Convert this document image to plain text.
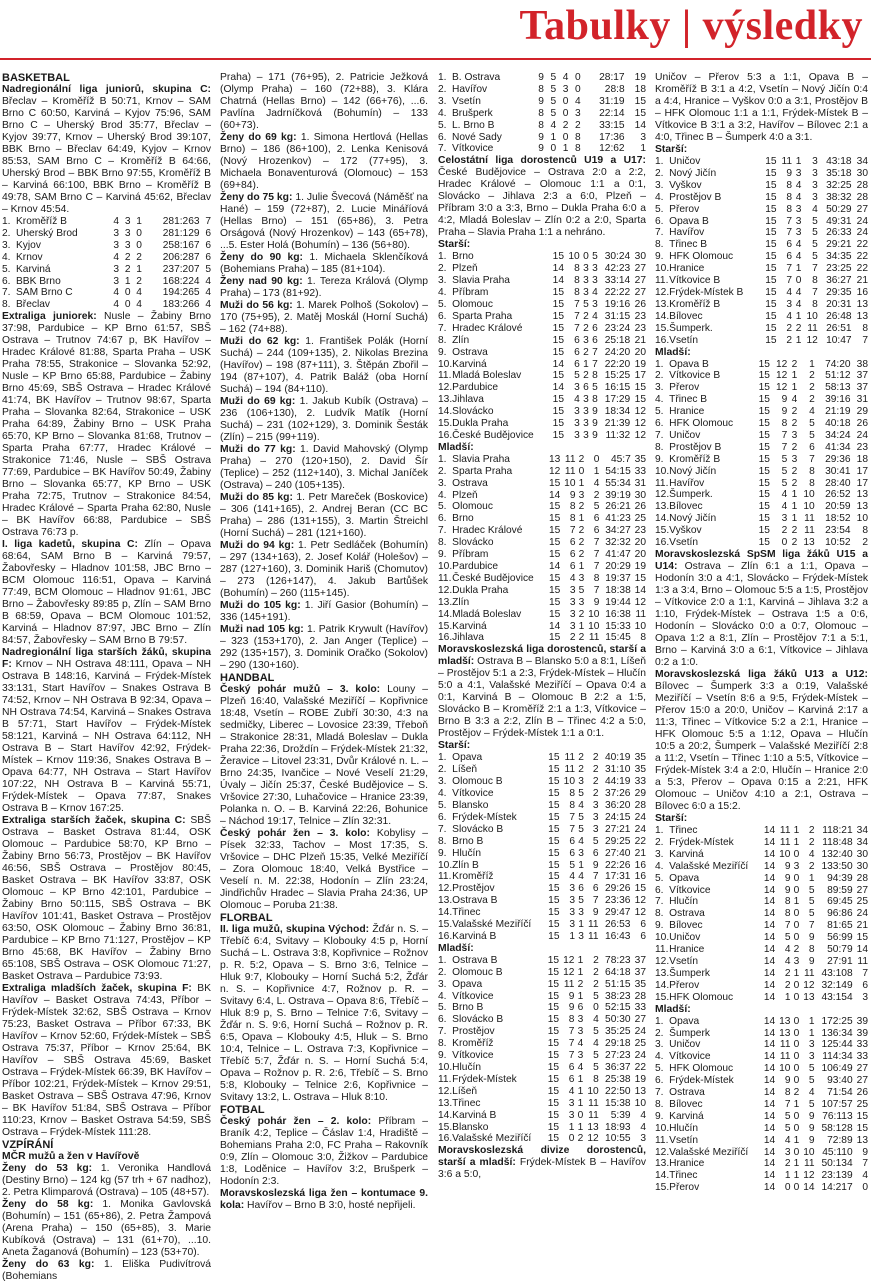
Tabulky | výsledky

BASKETBAL

Nadregionální liga juniorů, skupina C: Břeclav – Kroměříž B 50:71, Krnov – SAM Brno C 60:50, Karviná – Kyjov 75:96, SAM Brno C – Uherský Brod 35:77, Břeclav – Kyjov 39:77, Krnov – Uherský Brod 39:107, BBK Brno – Břeclav 64:49, Kyjov – Krnov 85:53, SAM Brno C – Kroměříž B 64:66, Uherský Brod – BBK Brno 97:55, Kroměříž B – Karviná 66:100, BBK Brno – Kroměříž B 49:78, SAM Brno C – Karviná 45:62, Břeclav – Krnov 45:54.

1.	Kroměříž B	4	3	1	281:263	7
2.	Uherský Brod	3	3	0	281:129	6
3.	Kyjov	3	3	0	258:167	6
4.	Krnov	4	2	2	206:287	6
5.	Karviná	3	2	1	237:207	5
6.	BBK Brno	3	1	2	168:224	4
7.	SAM Brno C	4	0	4	194:265	4
8.	Břeclav	4	0	4	183:266	4

Extraliga juniorek: Nusle – Žabiny Brno 37:98, Pardubice – KP Brno 61:57, SBŠ Ostrava – Trutnov 74:67 p, BK Havířov – Hradec Králové 81:88, Sparta Praha – USK Praha 78:55, Strakonice – Slovanka 52:92, Nusle – KP Brno 65:88, Pardubice – Žabiny Brno 45:69, SBŠ Ostrava – Hradec Králové 41:74, BK Havířov – Trutnov 98:67, Sparta Praha – Slovanka 82:64, Strakonice – USK Praha 64:89, Žabiny Brno – USK Praha 65:70, KP Brno – Slovanka 81:68, Trutnov – Sparta Praha 67:77, Hradec Králové – Strakonice 71:46, Nusle – SBŠ Ostrava 77:69, Pardubice – BK Havířov 50:49, Žabiny Brno – Slovanka 65:77, KP Brno – USK Praha 72:75, Trutnov – Strakonice 84:54, Hradec Králové – Sparta Praha 62:80, Nusle – BK Havířov 66:88, Pardubice – SBŠ Ostrava 76:73 p.

I. liga kadetů, skupina C: Zlín – Opava 68:64, SAM Brno B – Karviná 79:57, Žabovřesky – Hladnov 101:58, JBC Brno – BCM Olomouc 116:51, Opava – Karviná 77:49, BCM Olomouc – Hladnov 91:61, JBC Brno – Žabovřesky 89:85 p, Zlín – SAM Brno B 68:59, Opava – BCM Olomouc 101:52, Karviná – Hladnov 87:97, JBC Brno – Zlín 84:57, Žabovřesky – SAM Brno B 79:57.

Nadregionální liga starších žáků, skupina F: Krnov – NH Ostrava 48:111, Opava – NH Ostrava B 148:16, Karviná – Frýdek-Místek 33:131, Start Havířov – Snakes Ostrava B 74:52, Krnov – NH Ostrava B 92:34, Opava – NH Ostrava 74:54, Karviná – Snakes Ostrava B 57:71, Start Havířov – Frýdek-Místek 58:121, Karviná – NH Ostrava 64:112, NH Ostrava B – Start Havířov 42:92, Frýdek-Místek – Krnov 119:36, Snakes Ostrava B – Opava 64:77, NH Ostrava – Start Havířov 107:22, NH Ostrava B – Karviná 55:71, Frýdek-Místek – Opava 77:87, Snakes Ostrava B – Krnov 167:25.

Extraliga starších žaček, skupina C: SBŠ Ostrava – Basket Ostrava 81:44, OSK Olomouc – Pardubice 58:70, KP Brno – Žabiny Brno 56:73, Prostějov – BK Havířov 46:56, SBŠ Ostrava – Prostějov 80:45, Basket Ostrava – BK Havířov 33:87, OSK Olomouc – KP Brno 42:101, Pardubice – Žabiny Brno 50:115, SBŠ Ostrava – BK Havířov 101:41, Basket Ostrava – Prostějov 63:50, OSK Olomouc – Žabiny Brno 36:81, Pardubice – KP Brno 71:127, Prostějov – KP Brno 45:68, BK Havířov – Žabiny Brno 65:108, SBŠ Ostrava – OSK Olomouc 71:27, Basket Ostrava – Pardubice 73:93.

Extraliga mladších žaček, skupina F: BK Havířov – Basket Ostrava 74:43, Příbor – Frýdek-Místek 32:62, SBŠ Ostrava – Krnov 75:23, Basket Ostrava – Příbor 67:33, BK Havířov – Krnov 52:60, Frýdek-Místek – SBŠ Ostrava 75:37, Příbor – Krnov 25:64, BK Havířov – SBŠ Ostrava 45:69, Basket Ostrava – Frýdek-Místek 66:39, BK Havířov – Příbor 102:21, Frýdek-Místek – Krnov 29:51, Basket Ostrava – SBŠ Ostrava 47:96, Krnov – BK Havířov 51:84, SBŠ Ostrava – Příbor 110:23, Krnov – Basket Ostrava 54:59, SBŠ Ostrava – Frýdek-Místek 111:28.

VZPÍRÁNÍ

MČR mužů a žen v Havířově

Ženy do 53 kg: 1. Veronika Handlová (Destiny Brno) – 124 kg (57 trh + 67 nadhoz), 2. Petra Klimparová (Ostrava) – 105 (48+57).

Ženy do 58 kg: 1. Monika Gavlovská (Bohumín) – 151 (65+86), 2. Petra Žampová (Arena Praha) – 150 (65+85), 3. Marie Kubíková (Ostrava) – 131 (61+70), ...10. Aneta Žaganová (Bohumín) – 123 (53+70).

Ženy do 63 kg: 1. Eliška Pudivítrová (Bohemians

Praha) – 171 (76+95), 2. Patricie Ježková (Olymp Praha) – 160 (72+88), 3. Klára Chatrná (Hellas Brno) – 142 (66+76), ...6. Pavlína Jadrníčková (Bohumín) – 133 (60+73).

Ženy do 69 kg: 1. Simona Hertlová (Hellas Brno) – 186 (86+100), 2. Lenka Kenisová (Nový Hrozenkov) – 172 (77+95), 3. Michaela Bonaventurová (Olomouc) – 153 (69+84).

Ženy do 75 kg: 1. Julie Švecová (Náměšť na Hané) – 159 (72+87), 2. Lucie Mináříová (Hellas Brno) – 151 (65+86), 3. Petra Orságová (Nový Hrozenkov) – 143 (65+78), ...5. Ester Holá (Bohumín) – 136 (56+80).

Ženy do 90 kg: 1. Michaela Sklenčíková (Bohemians Praha) – 185 (81+104).

Ženy nad 90 kg: 1. Tereza Králová (Olymp Praha) – 173 (81+92).

Muži do 56 kg: 1. Marek Polhoš (Sokolov) – 170 (75+95), 2. Matěj Moskál (Horní Suchá) – 162 (74+88).

Muži do 62 kg: 1. František Polák (Horní Suchá) – 244 (109+135), 2. Nikolas Brezina (Havířov) – 198 (87+111), 3. Štěpán Zbořil – 194 (87+107), 4. Patrik Baláž (oba Horní Suchá) – 194 (84+110).

Muži do 69 kg: 1. Jakub Kubík (Ostrava) – 236 (106+130), 2. Ludvík Matík (Horní Suchá) – 231 (102+129), 3. Dominik Šesták (Zlín) – 215 (99+119).

Muži do 77 kg: 1. David Mahovský (Olymp Praha) – 270 (120+150), 2. David Šír (Teplice) – 252 (112+140), 3. Michal Janíček (Ostrava) – 240 (105+135).

Muži do 85 kg: 1. Petr Mareček (Boskovice) – 306 (141+165), 2. Andrej Beran (CC BC Praha) – 286 (131+155), 3. Martin Štreichl (Horní Suchá) – 281 (121+160).

Muži do 94 kg: 1. Petr Sedláček (Bohumín) – 297 (134+163), 2. Josef Kolář (Holešov) – 287 (127+160), 3. Dominik Hariš (Chomutov) – 273 (126+147), 4. Jakub Bartůšek (Bohumín) – 260 (115+145).

Muži do 105 kg: 1. Jiří Gasior (Bohumín) – 336 (145+191).

Muži nad 105 kg: 1. Patrik Krywult (Havířov) – 323 (153+170), 2. Jan Anger (Teplice) – 292 (135+157), 3. Dominik Oračko (Sokolov) – 290 (130+160).

HANDBAL

Český pohár mužů – 3. kolo: Louny – Plzeň 16:40, Valašské Meziříčí – Kopřivnice 18:48, Vsetín – ROBE Zubří 30:30, 4:3 na sedmičky, Liberec – Lovosice 23:39, Třeboň – Strakonice 28:31, Mladá Boleslav – Dukla Praha 22:36, Droždín – Frýdek-Místek 21:32, Žeravice – Litovel 23:31, Dvůr Králové n. L. – Brno 24:35, Ivančice – Nové Veselí 21:29, Úvaly – Jičín 25:37, České Budějovice – S. Vršovice 27:30, Luhačovice – Hranice 23:39, Polanka n. O. – B. Karviná 22:26, Bohunice – Náchod 19:17, Telnice – Zlín 32:31.

Český pohár žen – 3. kolo: Kobylisy – Písek 32:33, Tachov – Most 17:35, S. Vršovice – DHC Plzeň 15:35, Velké Meziříčí – Zora Olomouc 18:40, Velká Bystřice – Veselí n. M. 22:38, Hodonín – Zlín 23:24, Jindřichův Hradec – Slavia Praha 24:36, UP Olomouc – Poruba 21:38.

FLORBAL

II. liga mužů, skupina Východ: Žďár n. S. – Třebíč 6:4, Svitavy – Klobouky 4:5 p, Horní Suchá – L. Ostrava 3:8, Kopřivnice – Rožnov p. R. 5:2, Opava – S. Brno 3:6, Telnice – Hluk 9:7, Klobouky – Horní Suchá 5:2, Žďár n. S. – Kopřivnice 4:7, Rožnov p. R. – Svitavy 6:4, L. Ostrava – Opava 8:6, Třebíč – Hluk 8:9 p, S. Brno – Telnice 7:6, Svitavy – Žďár n. S. 9:6, Horní Suchá – Rožnov p. R. 6:5, Opava – Klobouky 4:5, Hluk – S. Brno 10:4, Telnice – L. Ostrava 7:3, Kopřivnice – Třebíč 5:7, Žďár n. S. – Horní Suchá 5:4, Opava – Rožnov p. R. 2:6, Třebíč – S. Brno 5:8, Klobouky – Telnice 2:6, Kopřivnice – Svitavy 13:2, L. Ostrava – Hluk 8:10.

FOTBAL

Český pohár žen – 2. kolo: Příbram – Braník 4:2, Teplice – Čáslav 1:4, Hradiště – Bohemians Praha 2:0, FC Praha – Rakovník 0:9, Zlín – Olomouc 3:0, Žižkov – Pardubice 1:8, Loděnice – Havířov 3:2, Brušperk – Hodonín 2:3.

Moravskoslezská liga žen – kontumace 9. kola: Havířov – Brno B 3:0, hosté nepřijeli.

1.	B. Ostrava	9	5	4	0	28:17	19
2.	Havířov	8	5	3	0	28:8	18
3.	Vsetín	9	5	0	4	31:19	15
4.	Brušperk	8	5	0	3	22:14	15
5.	L. Brno B	8	4	2	2	33:15	14
6.	Nové Sady	9	1	0	8	17:36	3
7.	Vítkovice	9	0	1	8	12:62	1

Celostátní liga dorostenců U19 a U17: České Budějovice – Ostrava 2:0 a 2:2, Hradec Králové – Olomouc 1:1 a 0:1, Slovácko – Jihlava 2:3 a 6:0, Plzeň – Příbram 3:0 a 3:3, Brno – Dukla Praha 6:0 a 4:2, Mladá Boleslav – Zlín 0:2 a 2:0, Sparta Praha – Slavia Praha 1:1 a nehráno.

Starší:

1.	Brno	15	10	0	5	30:24	30
2.	Plzeň	14	8	3	3	42:23	27
3.	Slavia Praha	14	8	3	3	33:14	27
4.	Příbram	15	8	3	4	22:22	27
5.	Olomouc	15	7	5	3	19:16	26
6.	Sparta Praha	15	7	2	4	31:15	23
7.	Hradec Králové	15	7	2	6	23:24	23
8.	Zlín	15	6	3	6	25:18	21
9.	Ostrava	15	6	2	7	24:20	20
10.	Karviná	14	6	1	7	22:20	19
11.	Mladá Boleslav	15	5	2	8	15:25	17
12.	Pardubice	14	3	6	5	16:15	15
13.	Jihlava	15	4	3	8	17:29	15
14.	Slovácko	15	3	3	9	18:34	12
15.	Dukla Praha	15	3	3	9	21:39	12
16.	České Budějovice	15	3	3	9	11:32	12

Mladší:

1.	Slavia Praha	13	11	2	0	45:7	35
2.	Sparta Praha	12	11	0	1	54:15	33
3.	Ostrava	15	10	1	4	55:34	31
4.	Plzeň	14	9	3	2	39:19	30
5.	Olomouc	15	8	2	5	26:21	26
6.	Brno	15	8	1	6	41:23	25
7.	Hradec Králové	15	7	2	6	34:27	23
8.	Slovácko	15	6	2	7	32:32	20
9.	Příbram	15	6	2	7	41:47	20
10.	Pardubice	14	6	1	7	20:29	19
11.	České Budějovice	15	4	3	8	19:37	15
12.	Dukla Praha	15	3	5	7	18:38	14
13.	Zlín	15	3	3	9	19:44	12
14.	Mladá Boleslav	15	3	2	10	16:38	11
15.	Karviná	14	3	1	10	15:33	10
16.	Jihlava	15	2	2	11	15:45	8

Moravskoslezská liga dorostenců, starší a mladší: Ostrava B – Blansko 5:0 a 8:1, Líšeň – Prostějov 5:1 a 2:3, Frýdek-Místek – Hlučín 5:0 a 4:1, Valašské Meziříčí – Opava 0:4 a 0:1, Karviná B – Olomouc B 2:2 a 1:5, Slovácko B – Kroměříž 2:1 a 1:3, Vítkovice – Brno B 3:3 a 2:2, Zlín B – Třinec 4:2 a 5:0, Prostějov – Frýdek-Místek 1:1 a 0:1.

Starší:

1.	Opava	15	11	2	2	40:19	35
2.	Líšeň	15	11	2	2	31:10	35
3.	Olomouc B	15	10	3	2	44:19	33
4.	Vítkovice	15	8	5	2	37:26	29
5.	Blansko	15	8	4	3	36:20	28
6.	Frýdek-Místek	15	7	5	3	24:15	24
7.	Slovácko B	15	7	5	3	27:21	24
8.	Brno B	15	6	4	5	29:25	22
9.	Hlučín	15	6	3	6	27:40	21
10.	Zlín B	15	5	1	9	22:26	16
11.	Kroměříž	15	4	4	7	17:31	16
12.	Prostějov	15	3	6	6	29:26	15
13.	Ostrava B	15	3	5	7	23:36	12
14.	Třinec	15	3	3	9	29:47	12
15.	Valašské Meziříčí	15	3	1	11	26:53	6
16.	Karviná B	15	1	3	11	16:43	6

Mladší:

1.	Ostrava B	15	12	1	2	78:23	37
2.	Olomouc B	15	12	1	2	64:18	37
3.	Opava	15	11	2	2	51:15	35
4.	Vítkovice	15	9	1	5	38:23	28
5.	Brno B	15	9	6	0	52:15	33
6.	Slovácko B	15	8	3	4	50:30	27
7.	Prostějov	15	7	3	5	35:25	24
8.	Kroměříž	15	7	4	4	29:18	25
9.	Vítkovice	15	7	3	5	27:23	24
10.	Hlučín	15	6	4	5	36:37	22
11.	Frýdek-Místek	15	6	1	8	25:38	19
12.	Líšeň	15	4	1	10	22:50	13
13.	Třinec	15	3	1	11	15:38	10
14.	Karviná B	15	3	0	11	5:39	4
15.	Blansko	15	1	1	13	18:93	4
16.	Valašské Meziříčí	15	0	2	12	10:55	3

Moravskoslezská divize dorostenců, starší a mladší: Frýdek-Místek B – Havířov 3:6 a 5:0,

Uničov – Přerov 5:3 a 1:1, Opava B – Kroměříž B 3:1 a 4:2, Vsetín – Nový Jičín 0:4 a 4:4, Hranice – Vyškov 0:0 a 3:1, Prostějov B – HFK Olomouc 1:1 a 1:1, Frýdek-Místek B – Vítkovice B 3:1 a 3:2, Havířov – Bílovec 2:1 a 4:0, Třinec B – Šumperk 4:0 a 3:1.

Starší:

1.	Uničov	15	11	1	3	43:18	34
2.	Nový Jičín	15	9	3	3	35:18	30
3.	Vyškov	15	8	4	3	32:25	28
4.	Prostějov B	15	8	4	3	38:32	28
5.	Přerov	15	8	3	4	50:29	27
6.	Opava B	15	7	3	5	49:31	24
7.	Havířov	15	7	3	5	26:33	24
8.	Třinec B	15	6	4	5	29:21	22
9.	HFK Olomouc	15	6	4	5	34:35	22
10.	Hranice	15	7	1	7	23:25	22
11.	Vítkovice B	15	7	0	8	36:27	21
12.	Frýdek-Místek B	15	4	4	7	29:35	16
13.	Kroměříž B	15	3	4	8	20:31	13
14.	Bílovec	15	4	1	10	26:48	13
15.	Šumperk.	15	2	2	11	26:51	8
16.	Vsetín	15	2	1	12	10:47	7

Mladší:

1.	Opava B	15	12	2	1	74:20	38
2.	Vítkovice B	15	12	1	2	51:12	37
3.	Přerov	15	12	1	2	58:13	37
4.	Třinec B	15	9	4	2	39:16	31
5.	Hranice	15	9	2	4	21:19	29
6.	HFK Olomouc	15	8	2	5	40:18	26
7.	Uničov	15	7	3	5	34:24	24
8.	Prostějov B	15	7	2	6	41:34	23
9.	Kroměříž B	15	5	3	7	29:36	18
10.	Nový Jičín	15	5	2	8	30:41	17
11.	Havířov	15	5	2	8	28:40	17
12.	Šumperk.	15	4	1	10	26:52	13
13.	Bílovec	15	4	1	10	20:59	13
14.	Nový Jičín	15	3	1	11	18:52	10
15.	Vyškov	15	2	2	11	23:54	8
16.	Vsetín	15	0	2	13	10:52	2

Moravskoslezská SpSM liga žáků U15 a U14: Ostrava – Zlín 6:1 a 1:1, Opava – Hodonín 3:0 a 4:1, Slovácko – Frýdek-Místek 1:3 a 3:4, Brno – Olomouc 5:5 a 1:5, Prostějov – Vítkovice 2:0 a 1:1, Karviná – Jihlava 3:2 a 1:10, Frýdek-Místek – Ostrava 1:5 a 0:6, Hodonín – Slovácko 0:0 a 0:7, Olomouc – Opava 1:2 a 8:1, Zlín – Prostějov 7:1 a 5:1, Brno – Karviná 3:0 a 6:1, Vítkovice – Jihlava 0:2 a 1:0.

Moravskoslezská liga žáků U13 a U12: Bílovec – Šumperk 3:3 a 0:19, Valašské Meziříčí – Vsetín 8:6 a 9:5, Frýdek-Místek – Přerov 15:0 a 20:0, Uničov – Karviná 2:17 a 11:3, Třinec – Vítkovice 5:2 a 2:1, Hranice – HFK Olomouc 5:5 a 1:12, Opava – Hlučín 10:5 a 20:2, Šumperk – Valašské Meziříčí 2:8 a 11:2, Vsetín – Třinec 1:10 a 5:5, Vítkovice – Frýdek-Místek 3:4 a 2:0, Hlučín – Hranice 2:0 a 5:3, Přerov – Opava 0:15 a 2:21, HFK Olomouc – Uničov 4:10 a 2:1, Ostrava – Bílovec 6:0 a 15:2.

Starší:

1.	Třinec	14	11	1	2	118:21	34
2.	Frýdek-Místek	14	11	1	2	118:48	34
3.	Karviná	14	10	0	4	132:40	30
4.	Valašské Meziříčí	14	9	3	2	133:50	30
5.	Opava	14	9	0	1	94:39	28
6.	Vítkovice	14	9	0	5	89:59	27
7.	Hlučín	14	8	1	5	69:45	25
8.	Ostrava	14	8	0	5	96:86	24
9.	Bílovec	14	7	0	7	81:65	21
10.	Uničov	14	5	0	9	56:99	15
11.	Hranice	14	4	2	8	50:79	14
12.	Vsetín	14	4	3	9	27:91	11
13.	Šumperk	14	2	1	11	43:108	7
14.	Přerov	14	2	0	12	32:149	6
15.	HFK Olomouc	14	1	0	13	43:154	3

Mladší:

1.	Opava	14	13	0	1	172:25	39
2.	Šumperk	14	13	0	1	136:34	39
3.	Uničov	14	11	0	3	125:44	33
4.	Vítkovice	14	11	0	3	114:34	33
5.	HFK Olomouc	14	10	0	5	106:49	27
6.	Frýdek-Místek	14	9	0	5	93:40	27
7.	Ostrava	14	8	2	4	71:54	26
8.	Bílovec	14	7	1	5	107:57	25
9.	Karviná	14	5	0	9	76:113	15
10.	Hlučín	14	5	0	9	58:128	15
11.	Vsetín	14	4	1	9	72:89	13
12.	Valašské Meziříčí	14	3	0	10	45:110	9
13.	Hranice	14	2	1	11	50:134	7
14.	Třinec	14	1	1	12	23:139	4
15.	Přerov	14	0	0	14	14:217	0
